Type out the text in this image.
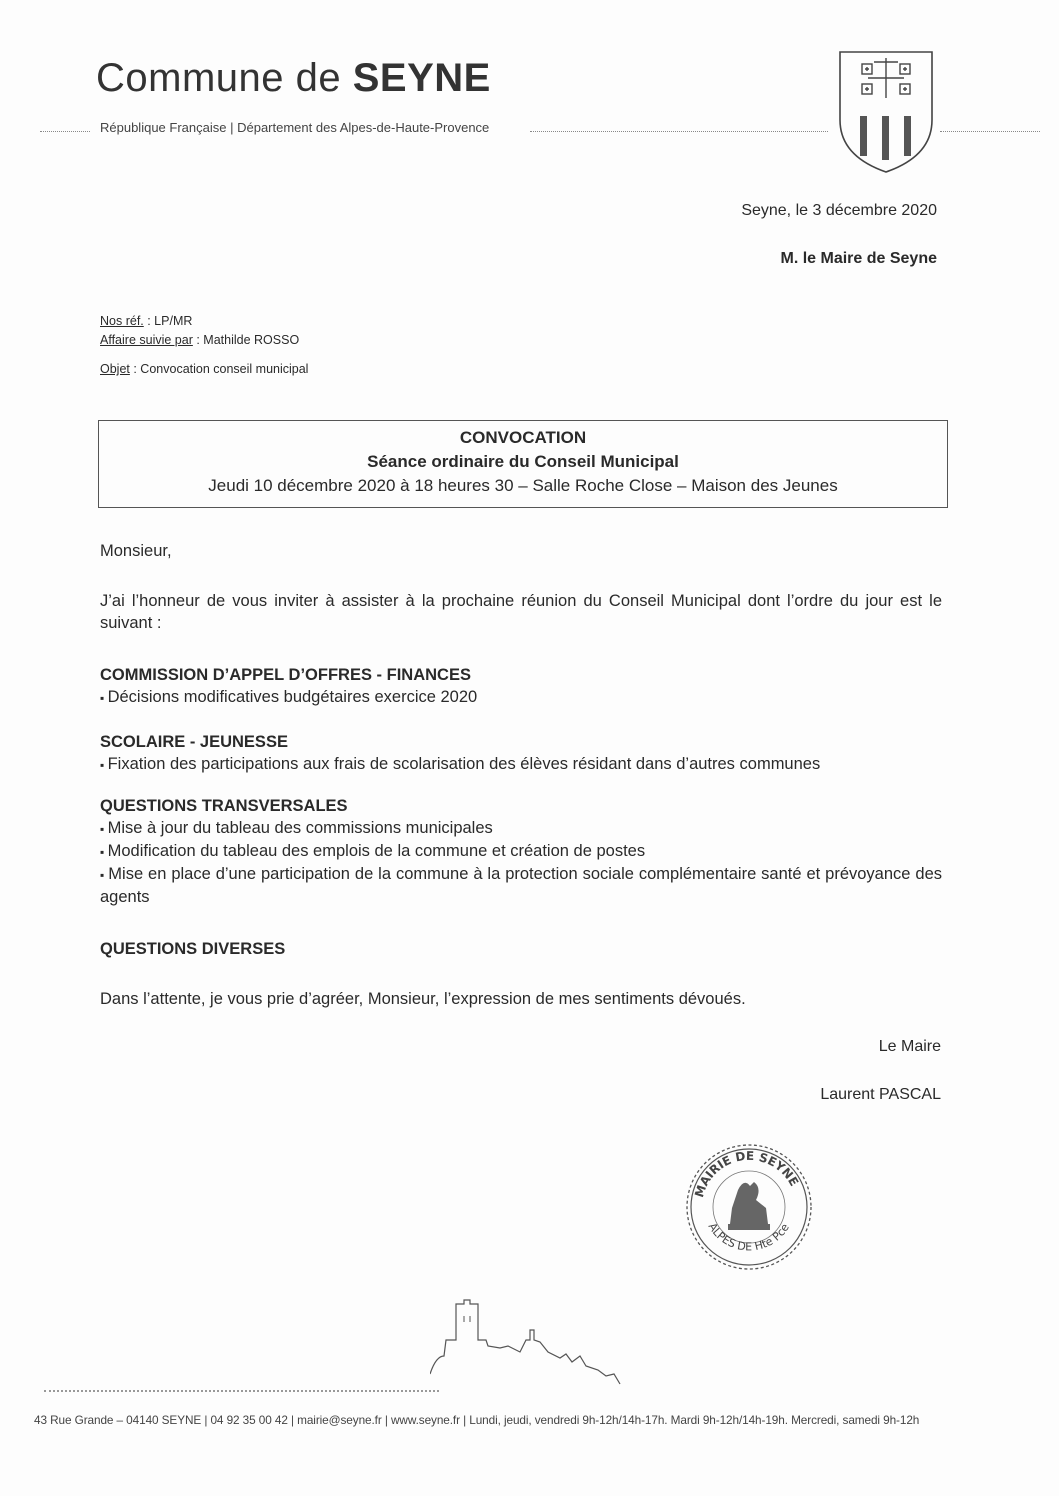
Commune de SEYNE
République Française | Département des Alpes-de-Haute-Provence
Seyne, le 3 décembre 2020
M. le Maire de Seyne
Nos réf. : LP/MR
Affaire suivie par : Mathilde ROSSO
Objet : Convocation conseil municipal
CONVOCATION
Séance ordinaire du Conseil Municipal
Jeudi 10 décembre 2020 à 18 heures 30 – Salle Roche Close – Maison des Jeunes
Monsieur,
J’ai l’honneur de vous inviter à assister à la prochaine réunion du Conseil Municipal dont l’ordre du jour est le suivant :
COMMISSION D’APPEL D’OFFRES - FINANCES
▪ Décisions modificatives budgétaires exercice 2020
SCOLAIRE - JEUNESSE
▪ Fixation des participations aux frais de scolarisation des élèves résidant dans d’autres communes
QUESTIONS TRANSVERSALES
▪ Mise à jour du tableau des commissions municipales
▪ Modification du tableau des emplois de la commune et création de postes
▪ Mise en place d’une participation de la commune à la protection sociale complémentaire santé et prévoyance des agents
QUESTIONS DIVERSES
Dans l’attente, je vous prie d’agréer, Monsieur, l’expression de mes sentiments dévoués.
Le Maire
Laurent PASCAL
MAIRIE DE SEYNE
ALPES DE Hte Pce
43 Rue Grande – 04140 SEYNE | 04 92 35 00 42 | mairie@seyne.fr | www.seyne.fr | Lundi, jeudi, vendredi 9h-12h/14h-17h. Mardi 9h-12h/14h-19h. Mercredi, samedi 9h-12h
